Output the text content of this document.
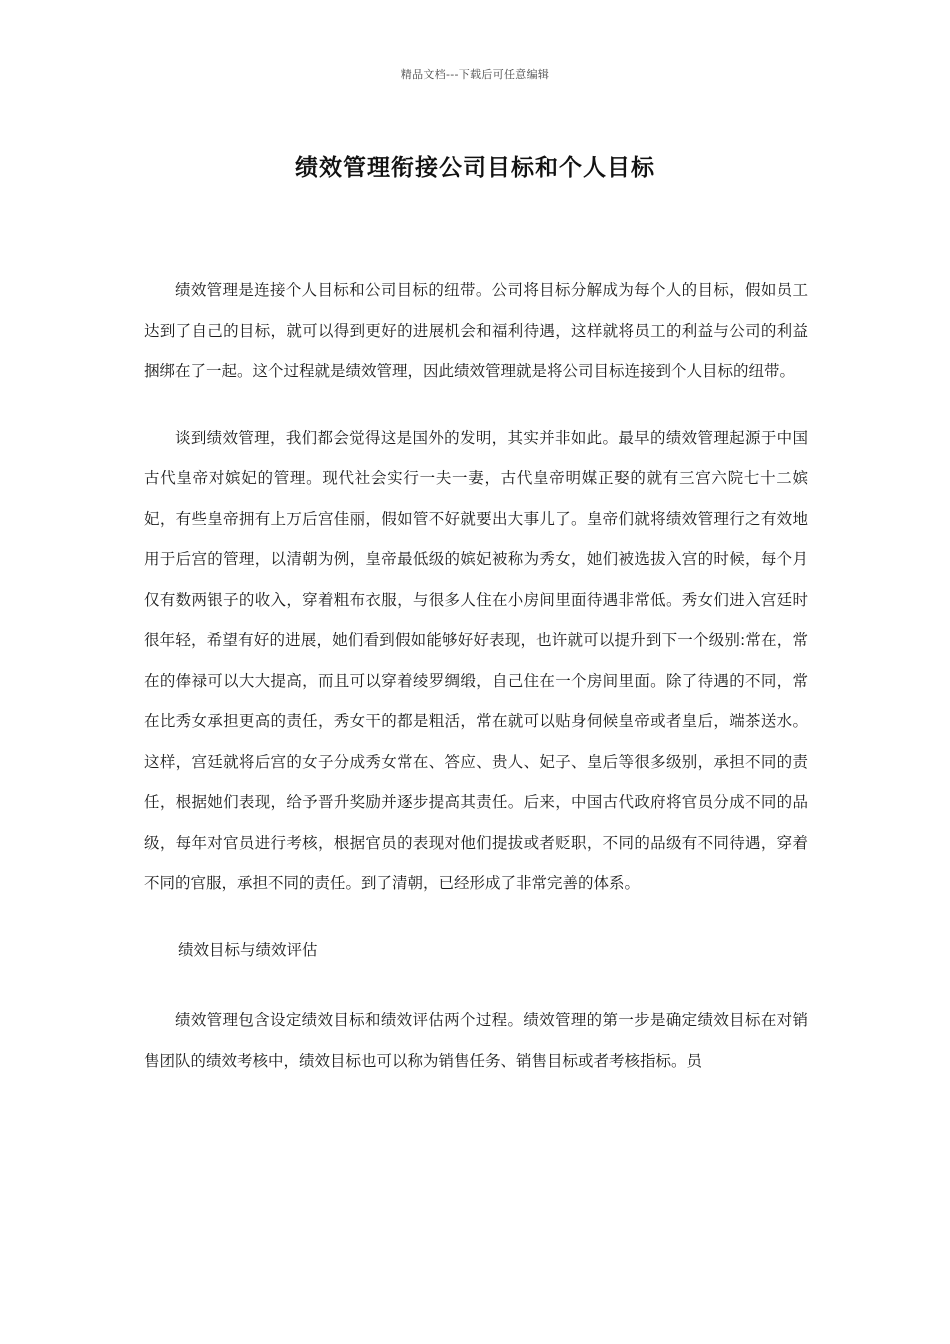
精品文档---下载后可任意编辑
绩效管理衔接公司目标和个人目标

绩效管理是连接个人目标和公司目标的纽带。公司将目标分解成为每个人的目标，假如员工达到了自己的目标，就可以得到更好的进展机会和福利待遇，这样就将员工的利益与公司的利益捆绑在了一起。这个过程就是绩效管理，因此绩效管理就是将公司目标连接到个人目标的纽带。

谈到绩效管理，我们都会觉得这是国外的发明，其实并非如此。最早的绩效管理起源于中国古代皇帝对嫔妃的管理。现代社会实行一夫一妻，古代皇帝明媒正娶的就有三宫六院七十二嫔妃，有些皇帝拥有上万后宫佳丽，假如管不好就要出大事儿了。皇帝们就将绩效管理行之有效地用于后宫的管理，以清朝为例，皇帝最低级的嫔妃被称为秀女，她们被选拔入宫的时候，每个月仅有数两银子的收入，穿着粗布衣服，与很多人住在小房间里面待遇非常低。秀女们进入宫廷时很年轻，希望有好的进展，她们看到假如能够好好表现，也许就可以提升到下一个级别:常在，常在的俸禄可以大大提高，而且可以穿着绫罗绸缎，自己住在一个房间里面。除了待遇的不同，常在比秀女承担更高的责任，秀女干的都是粗活，常在就可以贴身伺候皇帝或者皇后，端茶送水。这样，宫廷就将后宫的女子分成秀女常在、答应、贵人、妃子、皇后等很多级别，承担不同的责任，根据她们表现，给予晋升奖励并逐步提高其责任。后来，中国古代政府将官员分成不同的品级，每年对官员进行考核，根据官员的表现对他们提拔或者贬职，不同的品级有不同待遇，穿着不同的官服，承担不同的责任。到了清朝，已经形成了非常完善的体系。

绩效目标与绩效评估

绩效管理包含设定绩效目标和绩效评估两个过程。绩效管理的第一步是确定绩效目标在对销售团队的绩效考核中，绩效目标也可以称为销售任务、销售目标或者考核指标。员
